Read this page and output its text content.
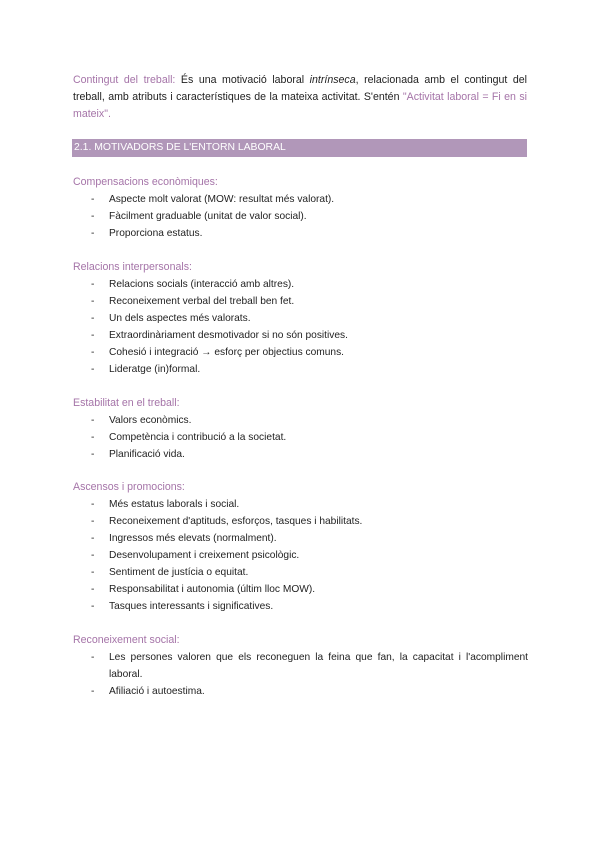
Contingut del treball: És una motivació laboral intrínseca, relacionada amb el contingut del treball, amb atributs i característiques de la mateixa activitat. S'entén "Activitat laboral = Fi en si mateix".

2.1. MOTIVADORS DE L'ENTORN LABORAL
Compensacions econòmiques:
- Aspecte molt valorat (MOW: resultat més valorat).
- Fàcilment graduable (unitat de valor social).
- Proporciona estatus.
Relacions interpersonals:
- Relacions socials (interacció amb altres).
- Reconeixement verbal del treball ben fet.
- Un dels aspectes més valorats.
- Extraordinàriament desmotivador si no són positives.
- Cohesió i integració → esforç per objectius comuns.
- Lideratge (in)formal.
Estabilitat en el treball:
- Valors econòmics.
- Competència i contribució a la societat.
- Planificació vida.
Ascensos i promocions:
- Més estatus laborals i social.
- Reconeixement d'aptituds, esforços, tasques i habilitats.
- Ingressos més elevats (normalment).
- Desenvolupament i creixement psicològic.
- Sentiment de justícia o equitat.
- Responsabilitat i autonomia (últim lloc MOW).
- Tasques interessants i significatives.
Reconeixement social:
- Les persones valoren que els reconeguen la feina que fan, la capacitat i l'acompliment laboral.
- Afiliació i autoestima.
